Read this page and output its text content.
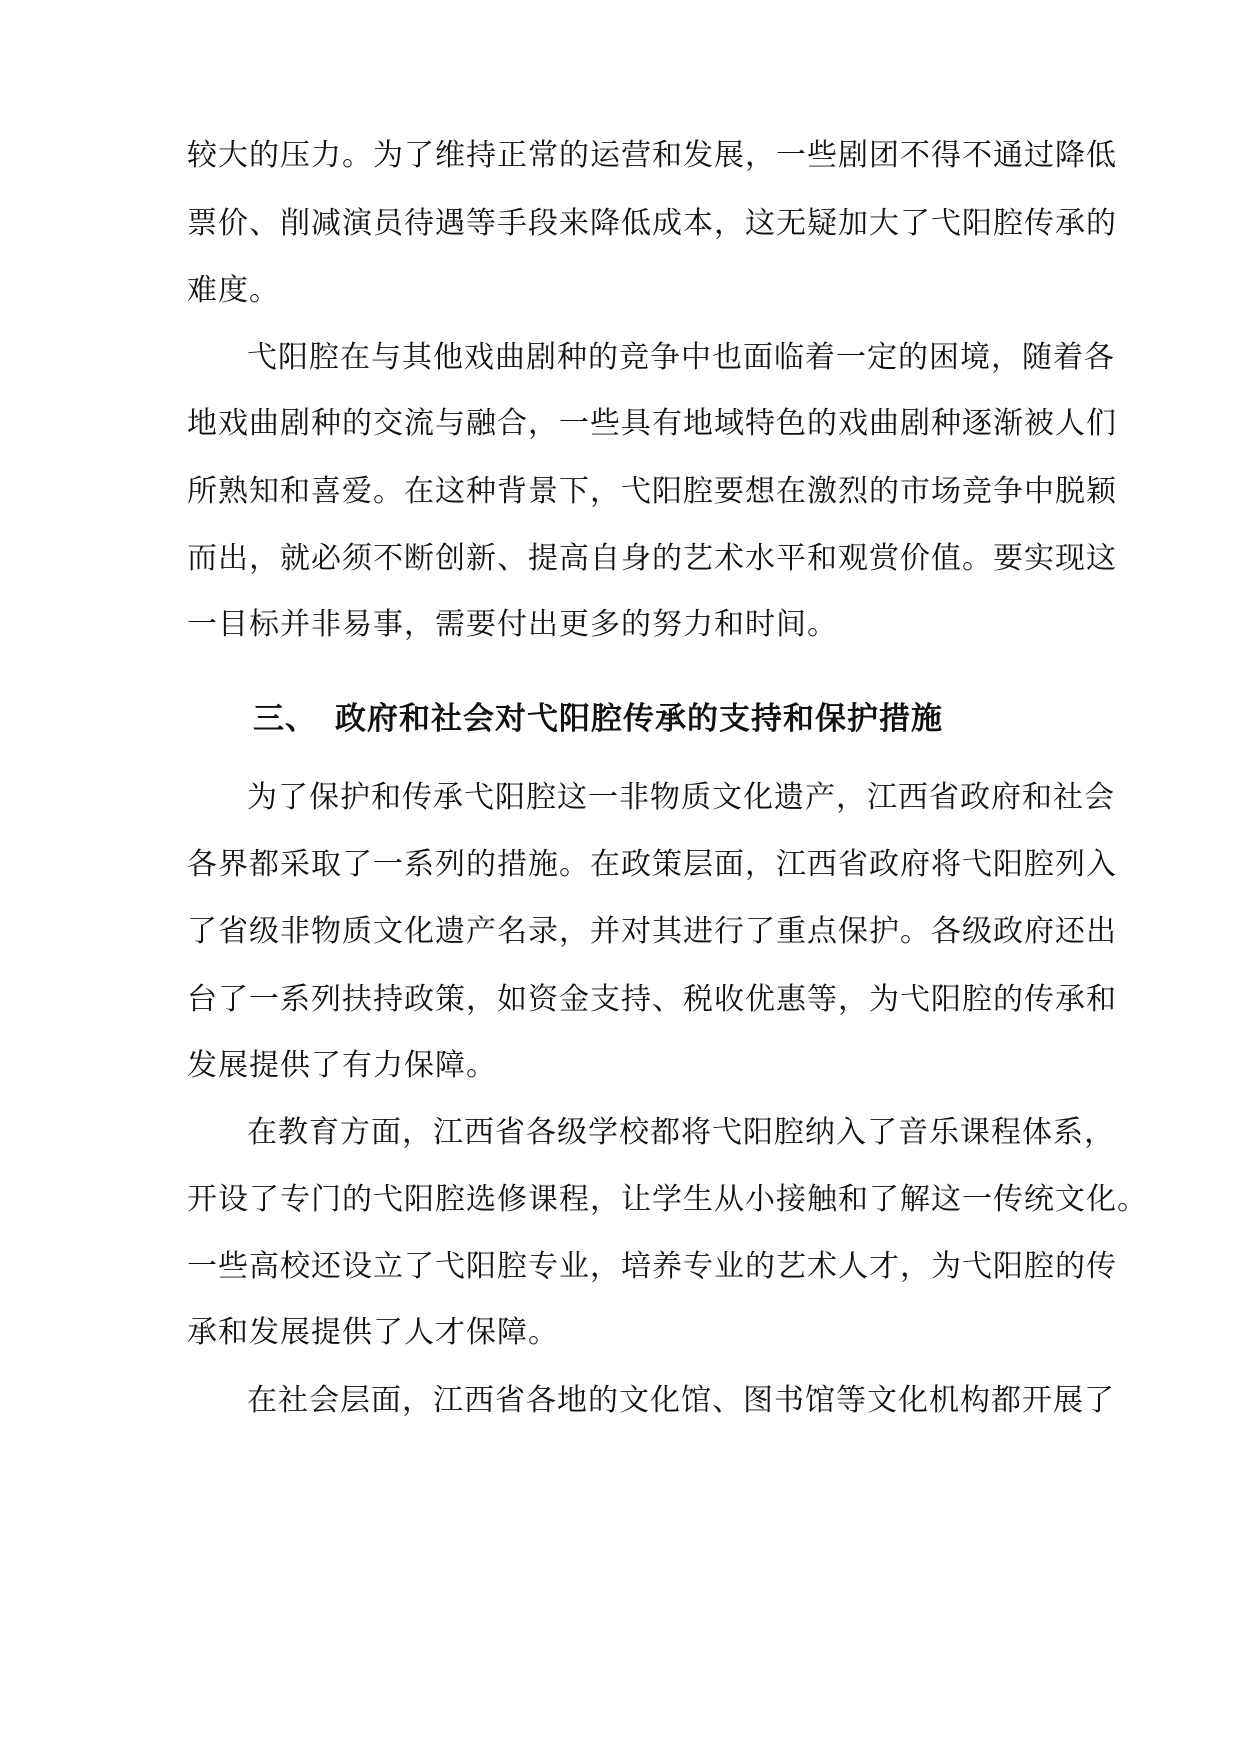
较大的压力。为了维持正常的运营和发展，一些剧团不得不通过降低
票价、削减演员待遇等手段来降低成本，这无疑加大了弋阳腔传承的
难度。
弋阳腔在与其他戏曲剧种的竞争中也面临着一定的困境，随着各
地戏曲剧种的交流与融合，一些具有地域特色的戏曲剧种逐渐被人们
所熟知和喜爱。在这种背景下，弋阳腔要想在激烈的市场竞争中脱颖
而出，就必须不断创新、提高自身的艺术水平和观赏价值。要实现这
一目标并非易事，需要付出更多的努力和时间。
三、 政府和社会对弋阳腔传承的支持和保护措施
为了保护和传承弋阳腔这一非物质文化遗产，江西省政府和社会
各界都采取了一系列的措施。在政策层面，江西省政府将弋阳腔列入
了省级非物质文化遗产名录，并对其进行了重点保护。各级政府还出
台了一系列扶持政策，如资金支持、税收优惠等，为弋阳腔的传承和
发展提供了有力保障。
在教育方面，江西省各级学校都将弋阳腔纳入了音乐课程体系，
开设了专门的弋阳腔选修课程，让学生从小接触和了解这一传统文化。
一些高校还设立了弋阳腔专业，培养专业的艺术人才，为弋阳腔的传
承和发展提供了人才保障。
在社会层面，江西省各地的文化馆、图书馆等文化机构都开展了
